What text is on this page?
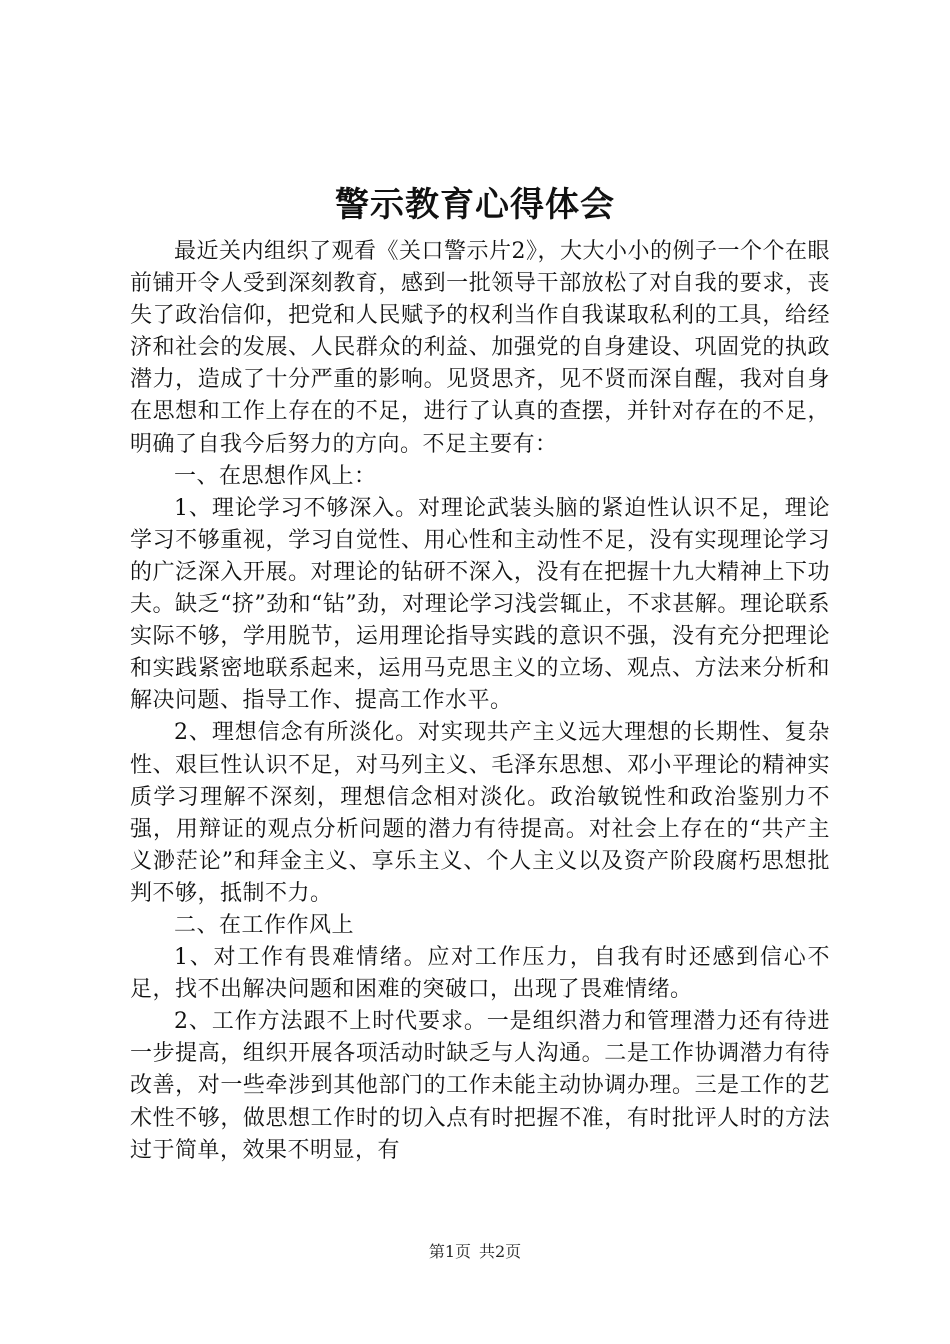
警示教育心得体会

最近关内组织了观看《关口警示片2》，大大小小的例子一个个在眼前铺开令人受到深刻教育，感到一批领导干部放松了对自我的要求，丧失了政治信仰，把党和人民赋予的权利当作自我谋取私利的工具，给经济和社会的发展、人民群众的利益、加强党的自身建设、巩固党的执政潜力，造成了十分严重的影响。见贤思齐，见不贤而深自醒，我对自身在思想和工作上存在的不足，进行了认真的查摆，并针对存在的不足，明确了自我今后努力的方向。不足主要有：

一、在思想作风上：

1、理论学习不够深入。对理论武装头脑的紧迫性认识不足，理论学习不够重视，学习自觉性、用心性和主动性不足，没有实现理论学习的广泛深入开展。对理论的钻研不深入，没有在把握十九大精神上下功夫。缺乏“挤”劲和“钻”劲，对理论学习浅尝辄止，不求甚解。理论联系实际不够，学用脱节，运用理论指导实践的意识不强，没有充分把理论和实践紧密地联系起来，运用马克思主义的立场、观点、方法来分析和解决问题、指导工作、提高工作水平。

2、理想信念有所淡化。对实现共产主义远大理想的长期性、复杂性、艰巨性认识不足，对马列主义、毛泽东思想、邓小平理论的精神实质学习理解不深刻，理想信念相对淡化。政治敏锐性和政治鉴别力不强，用辩证的观点分析问题的潜力有待提高。对社会上存在的“共产主义渺茫论”和拜金主义、享乐主义、个人主义以及资产阶段腐朽思想批判不够，抵制不力。

二、在工作作风上

1、对工作有畏难情绪。应对工作压力，自我有时还感到信心不足，找不出解决问题和困难的突破口，出现了畏难情绪。

2、工作方法跟不上时代要求。一是组织潜力和管理潜力还有待进一步提高，组织开展各项活动时缺乏与人沟通。二是工作协调潜力有待改善，对一些牵涉到其他部门的工作未能主动协调办理。三是工作的艺术性不够，做思想工作时的切入点有时把握不准，有时批评人时的方法过于简单，效果不明显，有

第1页 共2页
